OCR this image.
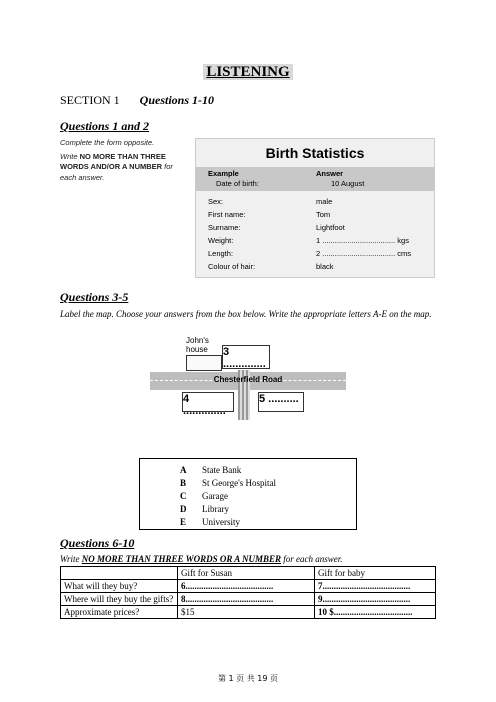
LISTENING
SECTION 1 Questions 1-10
Questions 1 and 2
Complete the form opposite.
Write NO MORE THAN THREE WORDS AND/OR A NUMBER for each answer.
Birth Statistics
Example	Answer
Date of birth:	10 August
Sex:	male
First name:	Tom
Surname:	Lightfoot
Weight:	1 ................................... kgs
Length:	2 ................................... cms
Colour of hair:	black
Questions 3-5
Label the map. Choose your answers from the box below. Write the appropriate letters A-E on the map.
John's house	3 ..............
Chesterfield Road
4 ..............
5 ..........
A State Bank
B St George's Hospital
C Garage
D Library
E University
Questions 6-10
Write NO MORE THAN THREE WORDS OR A NUMBER for each answer.
	Gift for Susan	Gift for baby
What will they buy?	6.......................................	7.......................................
Where will they buy the gifts?	8.......................................	9.......................................
Approximate prices?	$15	10 $...................................
第 1 页 共 19 页
